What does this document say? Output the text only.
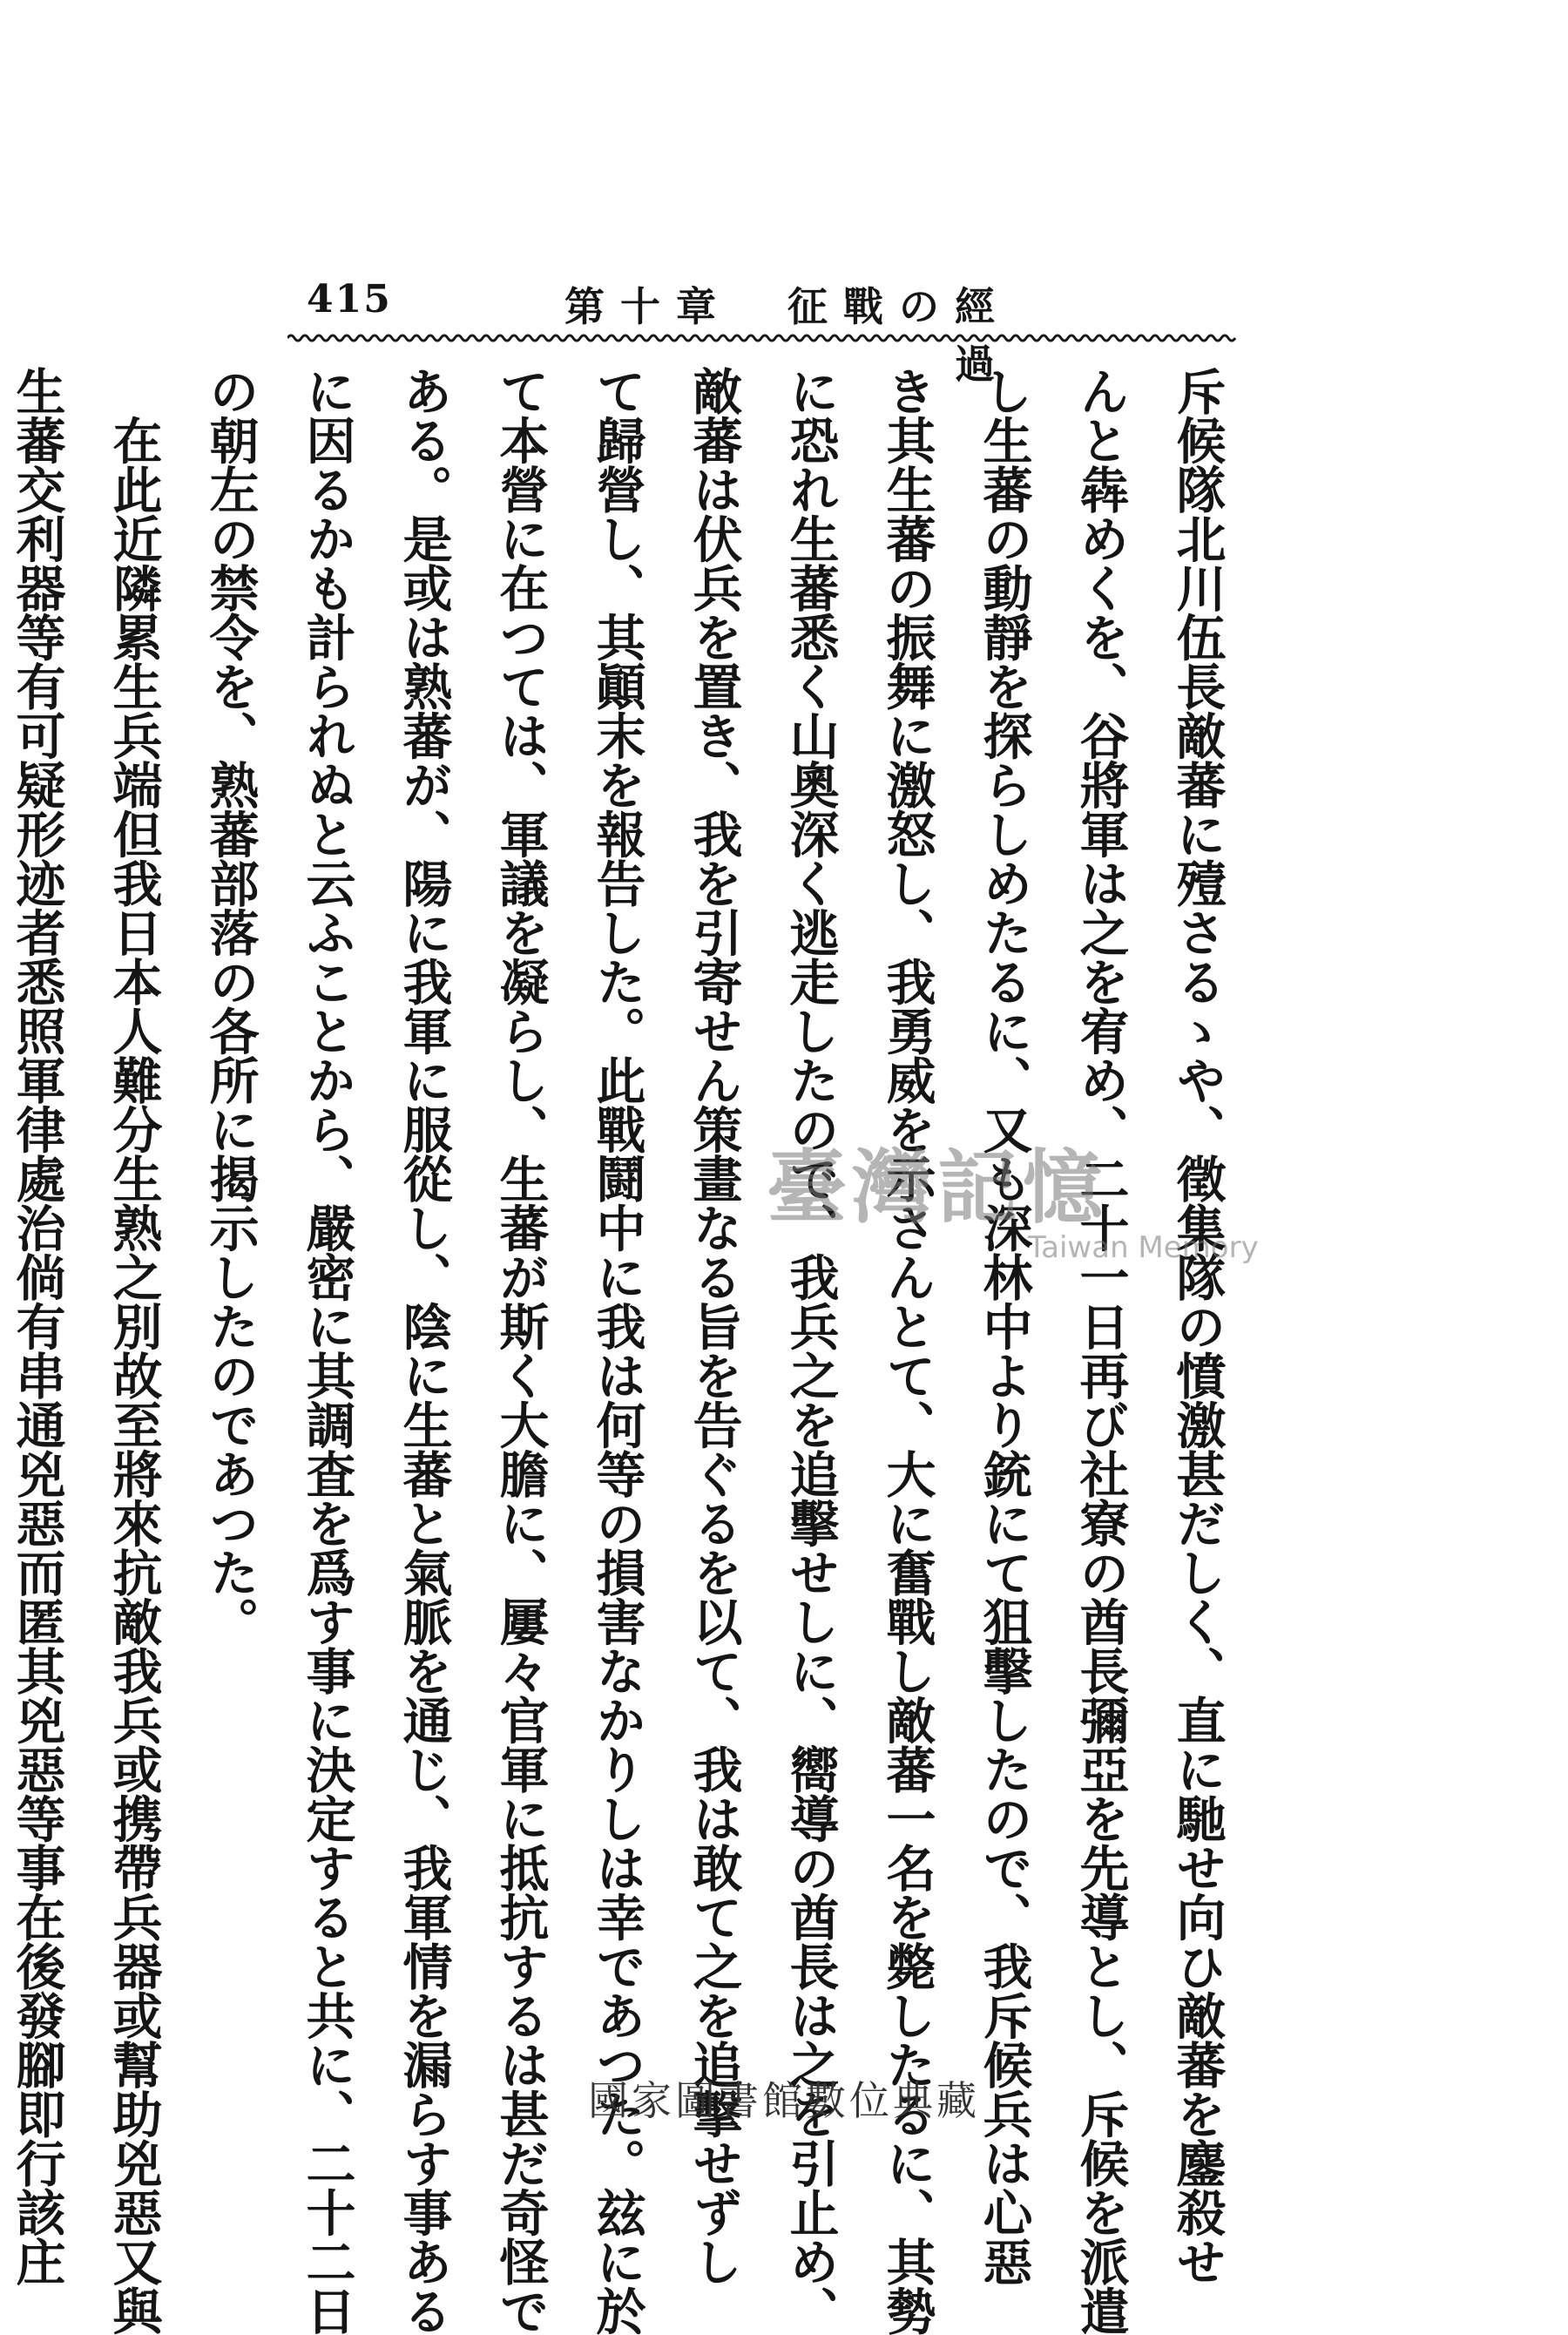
415	第十章　征戰の經過
斥候隊北川伍長敵蕃に殪さるゝや、徵集隊の憤激甚だしく、直に馳せ向ひ敵蕃を鏖殺せ
んと犇めくを、谷將軍は之を宥め、二十一日再び社寮の酋長彌亞を先導とし、斥候を派遣
し生蕃の動靜を探らしめたるに、又も深林中より銃にて狙擊したので、我斥候兵は心惡
き其生蕃の振舞に激怒し、我勇威を示さんとて、大に奮戰し敵蕃一名を斃したるに、其勢
に恐れ生蕃悉く山奧深く逃走したので、我兵之を追擊せしに、嚮導の酋長は之を引止め、
敵蕃は伏兵を置き、我を引寄せん策畫なる旨を告ぐるを以て、我は敢て之を追擊せずし
て歸營し、其顚末を報告した。此戰鬪中に我は何等の損害なかりしは幸であつた。玆に於
て本營に在つては、軍議を凝らし、生蕃が斯く大膽に、屢々官軍に抵抗するは甚だ奇怪で
ある。是或は熟蕃が、陽に我軍に服從し、陰に生蕃と氣脈を通じ、我軍情を漏らす事ある
に因るかも計られぬと云ふことから、嚴密に其調査を爲す事に決定すると共に、二十二日
の朝左の禁令を、熟蕃部落の各所に揭示したのであつた。
　在此近隣累生兵端但我日本人難分生熟之別故至將來抗敵我兵或携帶兵器或幫助兇惡又與
生蕃交利器等有可疑形迹者悉照軍律處治倘有串通兇惡而匿其兇惡等事在後發腳即行該庄	臺灣記憶
Taiwan Memory
國家圖書館數位典藏
